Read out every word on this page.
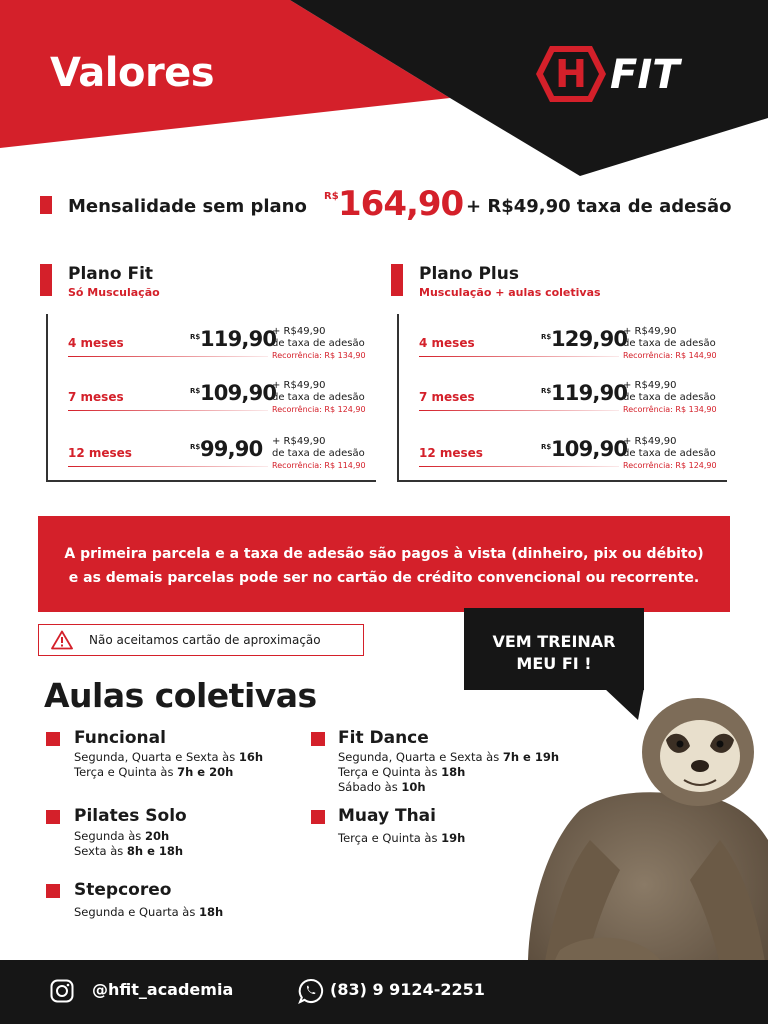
Valores	H FIT
Mensalidade sem plano R$ 164,90 + R$49,90 taxa de adesão
Plano Fit
Só Musculação
4 meses	R$ 119,90
+ R$49,90
de taxa de adesão
Recorrência: R$ 134,90
7 meses	R$ 109,90
+ R$49,90
de taxa de adesão
Recorrência: R$ 124,90
12 meses	R$ 99,90 + R$49,90
de taxa de adesão
Recorrência: R$ 114,90
Plano Plus
Musculação + aulas coletivas
4 meses	R$ 129,90
+ R$49,90
de taxa de adesão
Recorrência: R$ 144,90
7 meses	R$ 119,90
+ R$49,90
de taxa de adesão
Recorrência: R$ 134,90
12 meses	R$ 109,90
+ R$49,90
de taxa de adesão
Recorrência: R$ 124,90
A primeira parcela e a taxa de adesão são pagos à vista (dinheiro, pix ou débito)
e as demais parcelas pode ser no cartão de crédito convencional ou recorrente.
Não aceitamos cartão de aproximação	VEM TREINAR
MEU FI !
Aulas coletivas
Funcional
Segunda, Quarta e Sexta às 16h
Terça e Quinta às 7h e 20h
Fit Dance
Segunda, Quarta e Sexta às 7h e 19h
Terça e Quinta às 18h
Sábado às 10h
Pilates Solo
Segunda às 20h
Sexta às 8h e 18h
Muay Thai
Terça e Quinta às 19h
Stepcoreo
Segunda e Quarta às 18h
@hfit_academia	(83) 9 9124-2251
